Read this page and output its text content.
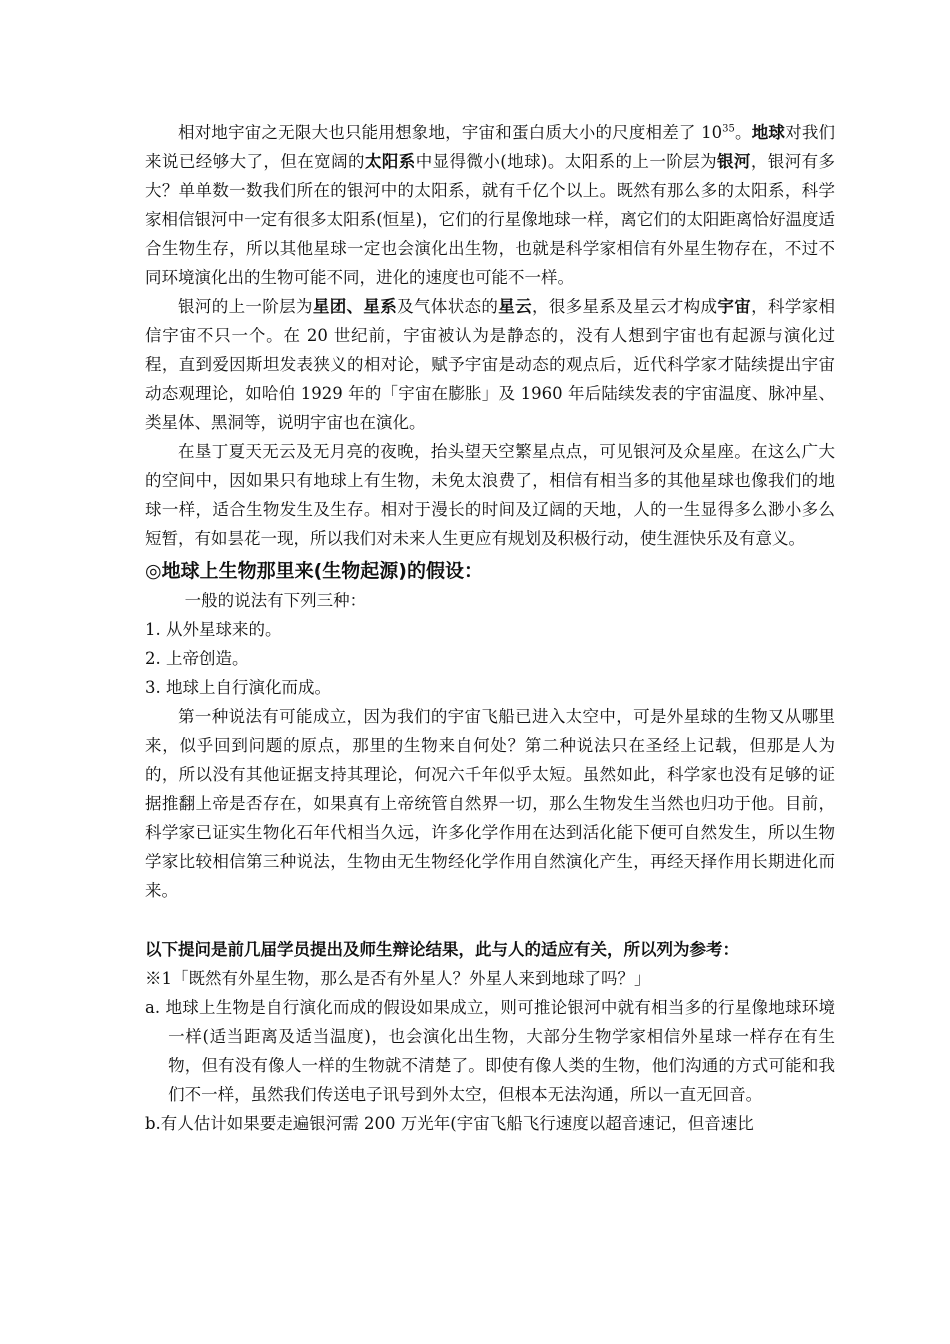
相对地宇宙之无限大也只能用想象地，宇宙和蛋白质大小的尺度相差了 $10^{35}$。地球对我们来说已经够大了，但在宽阔的太阳系中显得微小(地球)。太阳系的上一阶层为银河，银河有多大？单单数一数我们所在的银河中的太阳系，就有千亿个以上。既然有那么多的太阳系，科学家相信银河中一定有很多太阳系(恒星)，它们的行星像地球一样，离它们的太阳距离恰好温度适合生物生存，所以其他星球一定也会演化出生物，也就是科学家相信有外星生物存在，不过不同环境演化出的生物可能不同，进化的速度也可能不一样。

银河的上一阶层为星团、星系及气体状态的星云，很多星系及星云才构成宇宙，科学家相信宇宙不只一个。在 20 世纪前，宇宙被认为是静态的，没有人想到宇宙也有起源与演化过程，直到爱因斯坦发表狭义的相对论，赋予宇宙是动态的观点后，近代科学家才陆续提出宇宙动态观理论，如哈伯 1929 年的「宇宙在膨胀」及 1960 年后陆续发表的宇宙温度、脉冲星、类星体、黑洞等，说明宇宙也在演化。

在垦丁夏天无云及无月亮的夜晚，抬头望天空繁星点点，可见银河及众星座。在这么广大的空间中，因如果只有地球上有生物，未免太浪费了，相信有相当多的其他星球也像我们的地球一样，适合生物发生及生存。相对于漫长的时间及辽阔的天地，人的一生显得多么渺小多么短暂，有如昙花一现，所以我们对未来人生更应有规划及积极行动，使生涯快乐及有意义。

◎地球上生物那里来(生物起源)的假设：

一般的说法有下列三种：

1. 从外星球来的。

2. 上帝创造。

3. 地球上自行演化而成。

第一种说法有可能成立，因为我们的宇宙飞船已进入太空中，可是外星球的生物又从哪里来，似乎回到问题的原点，那里的生物来自何处？第二种说法只在圣经上记载，但那是人为的，所以没有其他证据支持其理论，何况六千年似乎太短。虽然如此，科学家也没有足够的证据推翻上帝是否存在，如果真有上帝统管自然界一切，那么生物发生当然也归功于他。目前，科学家已证实生物化石年代相当久远，许多化学作用在达到活化能下便可自然发生，所以生物学家比较相信第三种说法，生物由无生物经化学作用自然演化产生，再经天择作用长期进化而来。

以下提问是前几届学员提出及师生辩论结果，此与人的适应有关，所以列为参考：

※1「既然有外星生物，那么是否有外星人？外星人来到地球了吗？」

a. 地球上生物是自行演化而成的假设如果成立，则可推论银河中就有相当多的行星像地球环境一样(适当距离及适当温度)，也会演化出生物，大部分生物学家相信外星球一样存在有生物，但有没有像人一样的生物就不清楚了。即使有像人类的生物，他们沟通的方式可能和我们不一样，虽然我们传送电子讯号到外太空，但根本无法沟通，所以一直无回音。

b.有人估计如果要走遍银河需 200 万光年(宇宙飞船飞行速度以超音速记，但音速比
